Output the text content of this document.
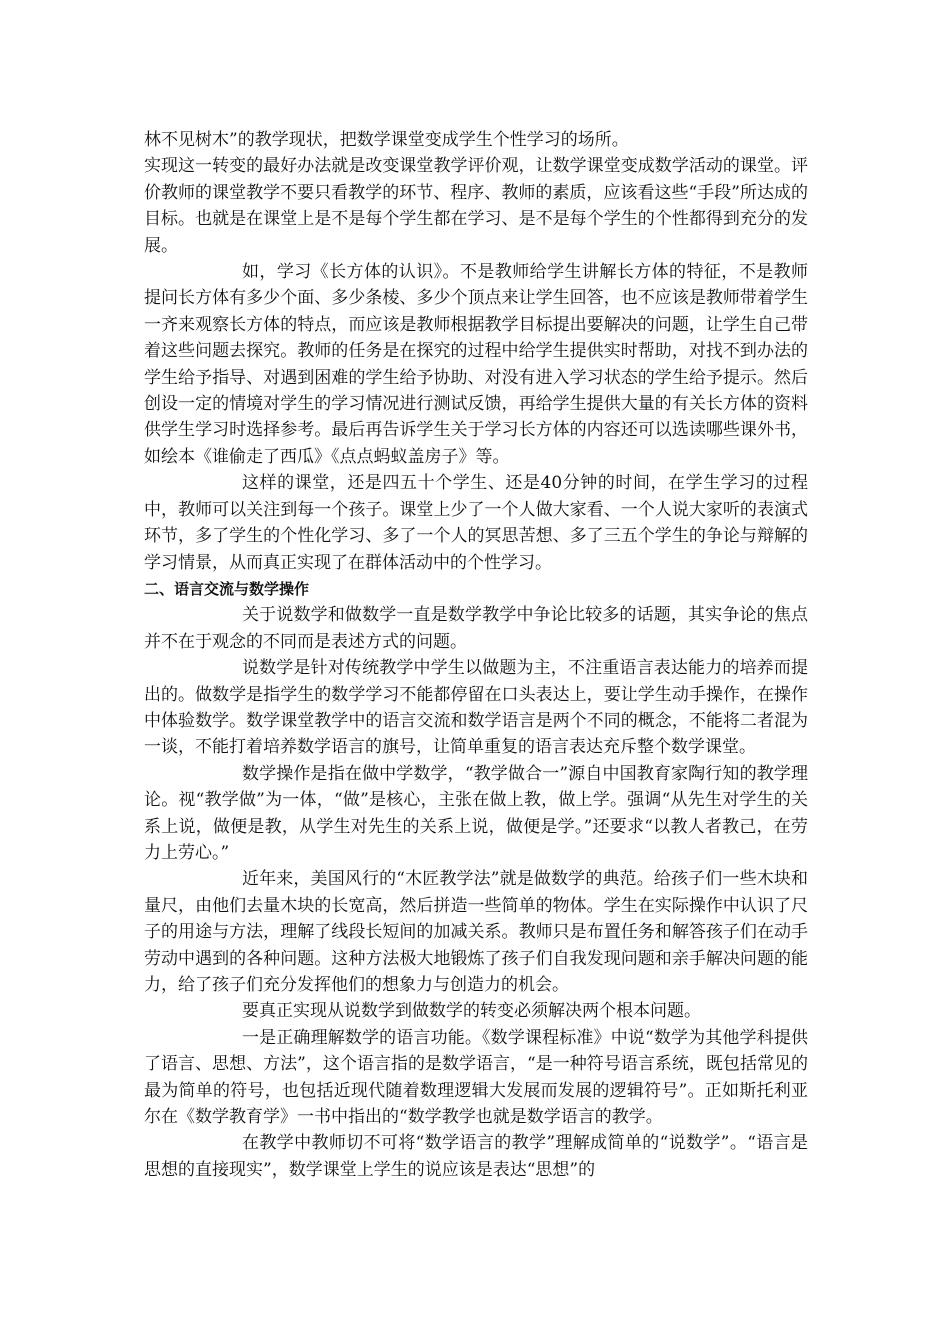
林不见树木”的教学现状，把数学课堂变成学生个性学习的场所。

实现这一转变的最好办法就是改变课堂教学评价观，让数学课堂变成数学活动的课堂。评价教师的课堂教学不要只看教学的环节、程序、教师的素质，应该看这些“手段”所达成的目标。也就是在课堂上是不是每个学生都在学习、是不是每个学生的个性都得到充分的发展。

如，学习《长方体的认识》。不是教师给学生讲解长方体的特征，不是教师提问长方体有多少个面、多少条棱、多少个顶点来让学生回答，也不应该是教师带着学生一齐来观察长方体的特点，而应该是教师根据教学目标提出要解决的问题，让学生自己带着这些问题去探究。教师的任务是在探究的过程中给学生提供实时帮助，对找不到办法的学生给予指导、对遇到困难的学生给予协助、对没有进入学习状态的学生给予提示。然后创设一定的情境对学生的学习情况进行测试反馈，再给学生提供大量的有关长方体的资料供学生学习时选择参考。最后再告诉学生关于学习长方体的内容还可以选读哪些课外书，如绘本《谁偷走了西瓜》《点点蚂蚁盖房子》等。

这样的课堂，还是四五十个学生、还是40分钟的时间，在学生学习的过程中，教师可以关注到每一个孩子。课堂上少了一个人做大家看、一个人说大家听的表演式环节，多了学生的个性化学习、多了一个人的冥思苦想、多了三五个学生的争论与辩解的学习情景，从而真正实现了在群体活动中的个性学习。

二、语言交流与数学操作

关于说数学和做数学一直是数学教学中争论比较多的话题，其实争论的焦点并不在于观念的不同而是表述方式的问题。

说数学是针对传统教学中学生以做题为主，不注重语言表达能力的培养而提出的。做数学是指学生的数学学习不能都停留在口头表达上，要让学生动手操作，在操作中体验数学。数学课堂教学中的语言交流和数学语言是两个不同的概念，不能将二者混为一谈，不能打着培养数学语言的旗号，让简单重复的语言表达充斥整个数学课堂。

数学操作是指在做中学数学，“教学做合一”源自中国教育家陶行知的教学理论。视“教学做”为一体，“做”是核心，主张在做上教，做上学。强调“从先生对学生的关系上说，做便是教，从学生对先生的关系上说，做便是学。”还要求“以教人者教己，在劳力上劳心。”

近年来，美国风行的“木匠教学法”就是做数学的典范。给孩子们一些木块和量尺，由他们去量木块的长宽高，然后拼造一些简单的物体。学生在实际操作中认识了尺子的用途与方法，理解了线段长短间的加减关系。教师只是布置任务和解答孩子们在动手劳动中遇到的各种问题。这种方法极大地锻炼了孩子们自我发现问题和亲手解决问题的能力，给了孩子们充分发挥他们的想象力与创造力的机会。

要真正实现从说数学到做数学的转变必须解决两个根本问题。

一是正确理解数学的语言功能。《数学课程标准》中说“数学为其他学科提供了语言、思想、方法”，这个语言指的是数学语言，“是一种符号语言系统，既包括常见的最为简单的符号，也包括近现代随着数理逻辑大发展而发展的逻辑符号”。正如斯托利亚尔在《数学教育学》一书中指出的“数学教学也就是数学语言的教学。

在教学中教师切不可将“数学语言的教学”理解成简单的“说数学”。“语言是思想的直接现实”，数学课堂上学生的说应该是表达“思想”的
